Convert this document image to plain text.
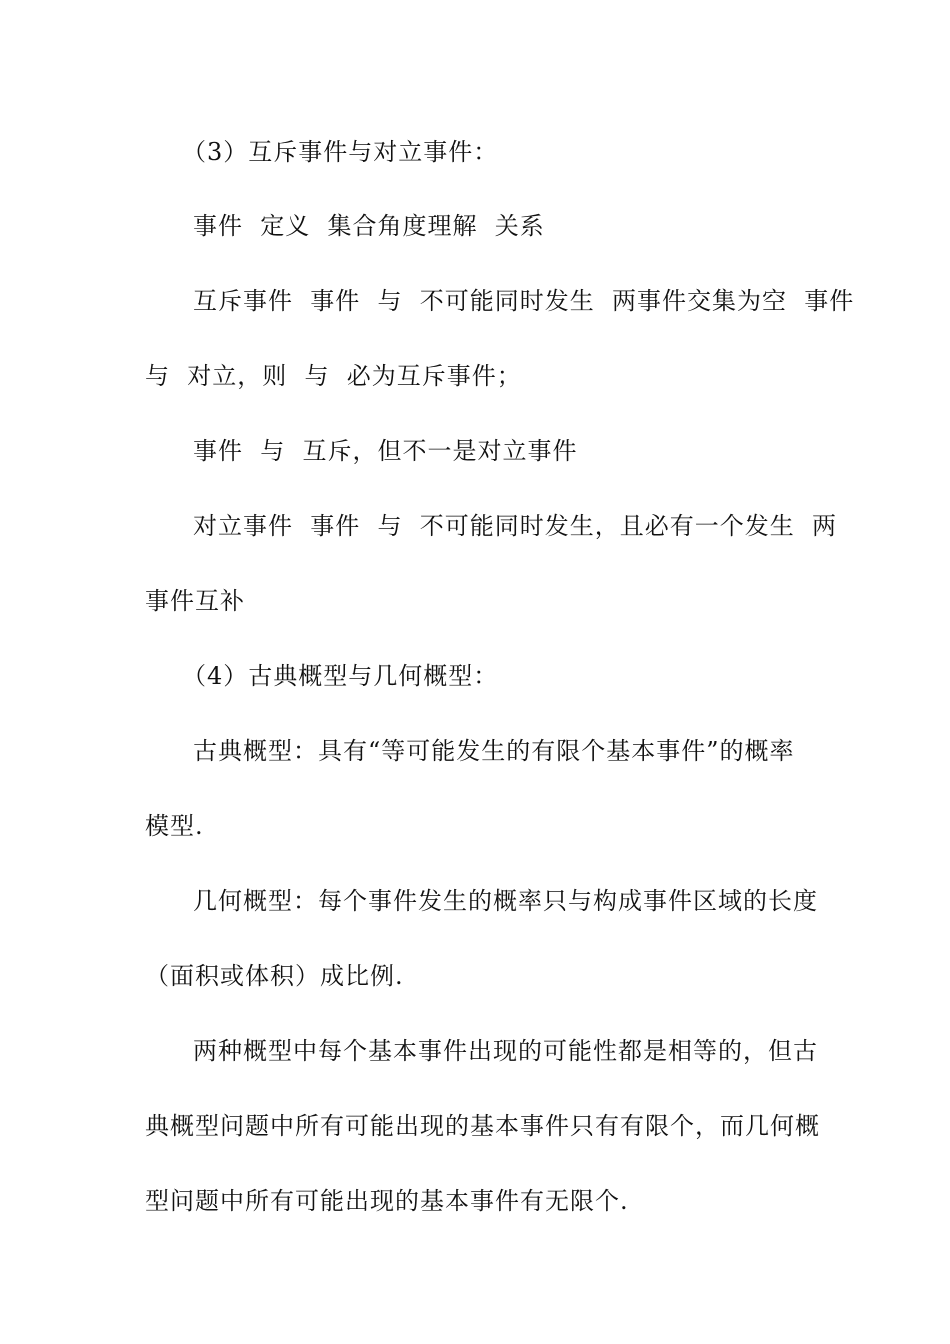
（3）互斥事件与对立事件：
事件  定义  集合角度理解  关系
互斥事件  事件  与  不可能同时发生  两事件交集为空  事件
与  对立，则  与  必为互斥事件；
事件  与  互斥，但不一是对立事件
对立事件  事件  与  不可能同时发生，且必有一个发生  两
事件互补
（4）古典概型与几何概型：
古典概型：具有“等可能发生的有限个基本事件”的概率
模型.
几何概型：每个事件发生的概率只与构成事件区域的长度
（面积或体积）成比例.
两种概型中每个基本事件出现的可能性都是相等的，但古
典概型问题中所有可能出现的基本事件只有有限个，而几何概
型问题中所有可能出现的基本事件有无限个.
